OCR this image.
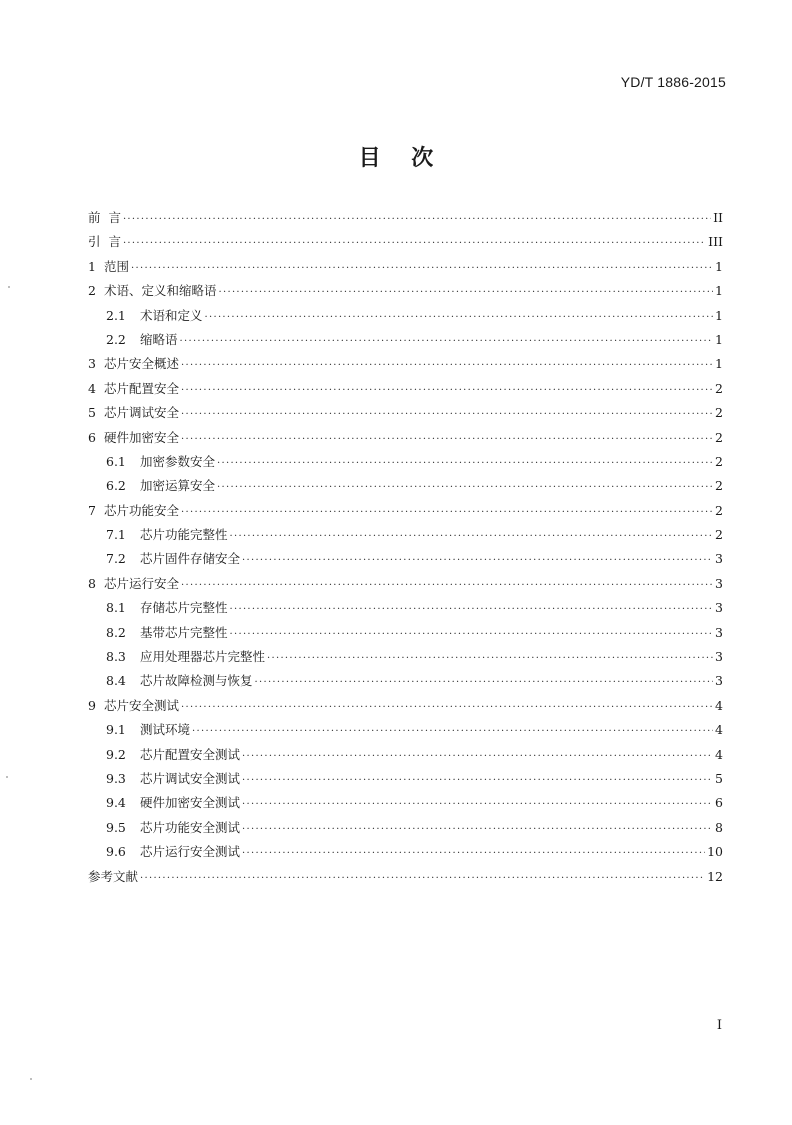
YD/T 1886-2015
目    次
前  言 ·····	II
引  言 ·····	III
1 范围 ·····	1
2 术语、定义和缩略语 ·····	1
2.1	术语和定义 ·····	1
2.2	缩略语 ·····	1
3 芯片安全概述 ·····	1
4 芯片配置安全 ·····	2
5 芯片调试安全 ·····	2
6 硬件加密安全 ·····	2
6.1	加密参数安全 ·····	2
6.2	加密运算安全 ·····	2
7 芯片功能安全 ·····	2
7.1	芯片功能完整性 ·····	2
7.2	芯片固件存储安全 ·····	3
8 芯片运行安全 ·····	3
8.1	存储芯片完整性 ·····	3
8.2	基带芯片完整性 ·····	3
8.3	应用处理器芯片完整性 ·····	3
8.4	芯片故障检测与恢复 ·····	3
9 芯片安全测试 ·····	4
9.1	测试环境 ·····	4
9.2	芯片配置安全测试 ·····	4
9.3	芯片调试安全测试 ·····	5
9.4	硬件加密安全测试 ·····	6
9.5	芯片功能安全测试 ·····	8
9.6	芯片运行安全测试 ·····	10
参考文献 ·····	12
I
